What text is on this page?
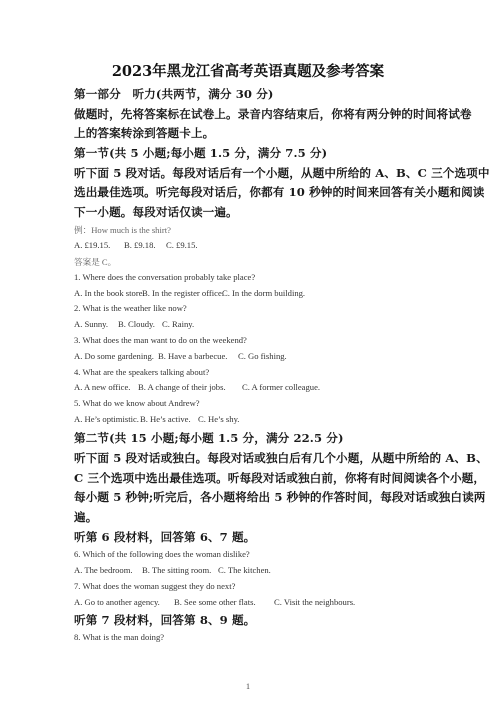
2023年黑龙江省高考英语真题及参考答案
第一部分　听力(共两节，满分 30 分)
做题时，先将答案标在试卷上。录音内容结束后，你将有两分钟的时间将试卷
上的答案转涂到答题卡上。
第一节(共 5 小题;每小题 1.5 分，满分 7.5 分)
听下面 5 段对话。每段对话后有一个小题，从题中所给的 A、B、C 三个选项中
选出最佳选项。听完每段对话后，你都有 10 秒钟的时间来回答有关小题和阅读
下一小题。每段对话仅读一遍。
例：How much is the shirt?
A. £19.15. B. £9.18. C. £9.15.
答案是 C。
1. Where does the conversation probably take place?
A. In the book store.B. In the register office.C. In the dorm building.
2. What is the weather like now?
A. Sunny. B. Cloudy. C. Rainy.
3. What does the man want to do on the weekend?
A. Do some gardening. B. Have a barbecue. C. Go fishing.
4. What are the speakers talking about?
A. A new office. B. A change of their jobs. C. A former colleague.
5. What do we know about Andrew?
A. He’s optimistic.B. He’s active. C. He’s shy.
第二节(共 15 小题;每小题 1.5 分，满分 22.5 分)
听下面 5 段对话或独白。每段对话或独白后有几个小题，从题中所给的 A、B、
C 三个选项中选出最佳选项。听每段对话或独白前，你将有时间阅读各个小题，
每小题 5 秒钟;听完后，各小题将给出 5 秒钟的作答时间，每段对话或独白读两
遍。
听第 6 段材料，回答第 6、7 题。
6. Which of the following does the woman dislike?
A. The bedroom. B. The sitting room. C. The kitchen.
7. What does the woman suggest they do next?
A. Go to another agency. B. See some other flats. C. Visit the neighbours.
听第 7 段材料，回答第 8、9 题。
8. What is the man doing?
1
